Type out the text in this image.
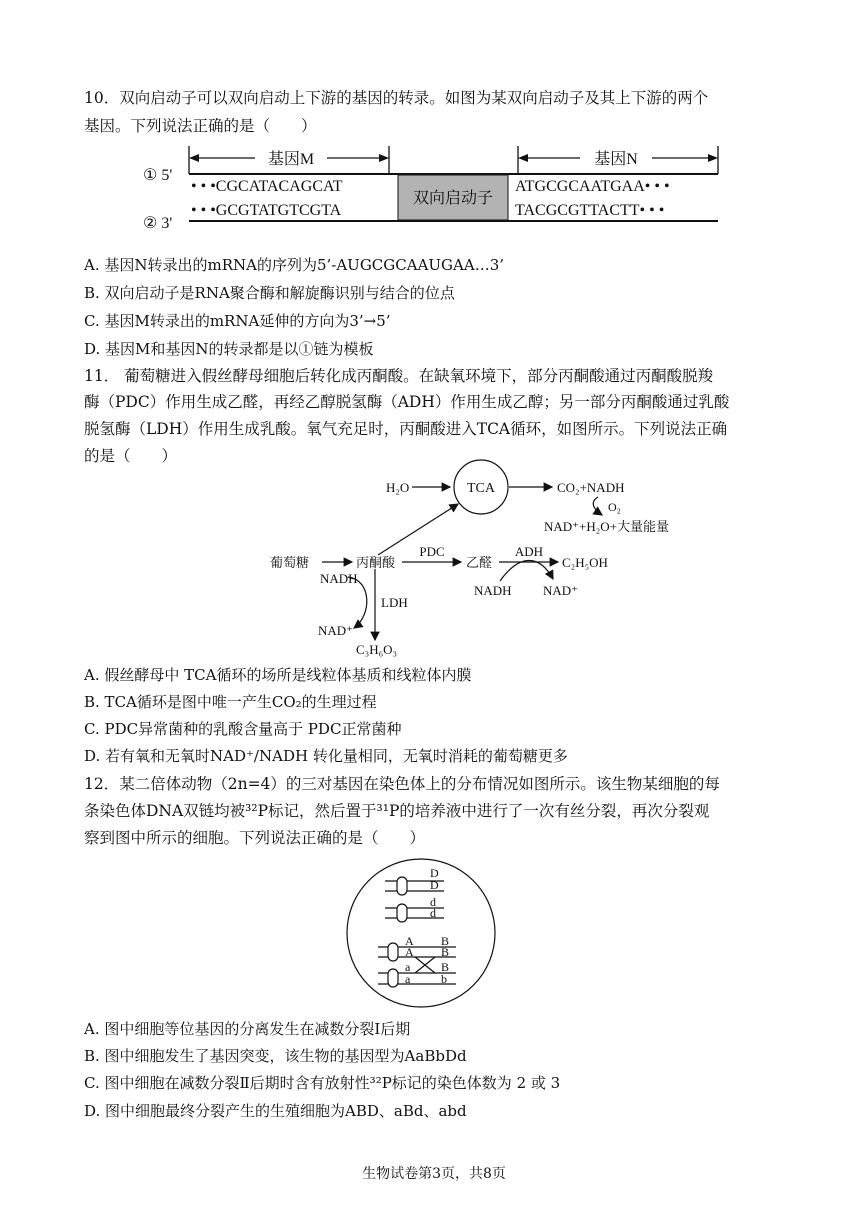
10．双向启动子可以双向启动上下游的基因的转录。如图为某双向启动子及其上下游的两个
基因。下列说法正确的是（　　）
基因M	基因N
① 5'
② 3'
• • •CGCATACAGCAT
• • •GCGTATGTCGTA
双向启动子
ATGCGCAATGAA• • •
TACGCGTTACTT• • •
A. 基因N转录出的mRNA的序列为5’-AUGCGCAAUGAA…3’
B. 双向启动子是RNA聚合酶和解旋酶识别与结合的位点
C. 基因M转录出的mRNA延伸的方向为3’→5’
D. 基因M和基因N的转录都是以①链为模板
11． 葡萄糖进入假丝酵母细胞后转化成丙酮酸。在缺氧环境下，部分丙酮酸通过丙酮酸脱羧
酶（PDC）作用生成乙醛，再经乙醇脱氢酶（ADH）作用生成乙醇；另一部分丙酮酸通过乳酸
脱氢酶（LDH）作用生成乳酸。氧气充足时，丙酮酸进入TCA循环，如图所示。下列说法正确
的是（　　）
H₂O	TCA	CO₂+NADH
O₂
NAD⁺+H₂O+大量能量
葡萄糖	丙酮酸
PDC
乙醛
ADH
C₂H₅OH
NADH
LDH
NAD⁺
C₃H₆O₃
NADH NAD⁺
A. 假丝酵母中 TCA循环的场所是线粒体基质和线粒体内膜
B. TCA循环是图中唯一产生CO₂的生理过程
C. PDC异常菌种的乳酸含量高于 PDC正常菌种
D. 若有氧和无氧时NAD⁺/NADH 转化量相同，无氧时消耗的葡萄糖更多
12．某二倍体动物（2n=4）的三对基因在染色体上的分布情况如图所示。该生物某细胞的每
条染色体DNA双链均被³²P标记，然后置于³¹P的培养液中进行了一次有丝分裂，再次分裂观
察到图中所示的细胞。下列说法正确的是（　　）
D
D
d
d
A
A
a
a
B
B
B
b
A. 图中细胞等位基因的分离发生在减数分裂Ⅰ后期
B. 图中细胞发生了基因突变，该生物的基因型为AaBbDd
C. 图中细胞在减数分裂Ⅱ后期时含有放射性³²P标记的染色体数为 2 或 3
D. 图中细胞最终分裂产生的生殖细胞为ABD、aBd、abd
生物试卷第3页，共8页
